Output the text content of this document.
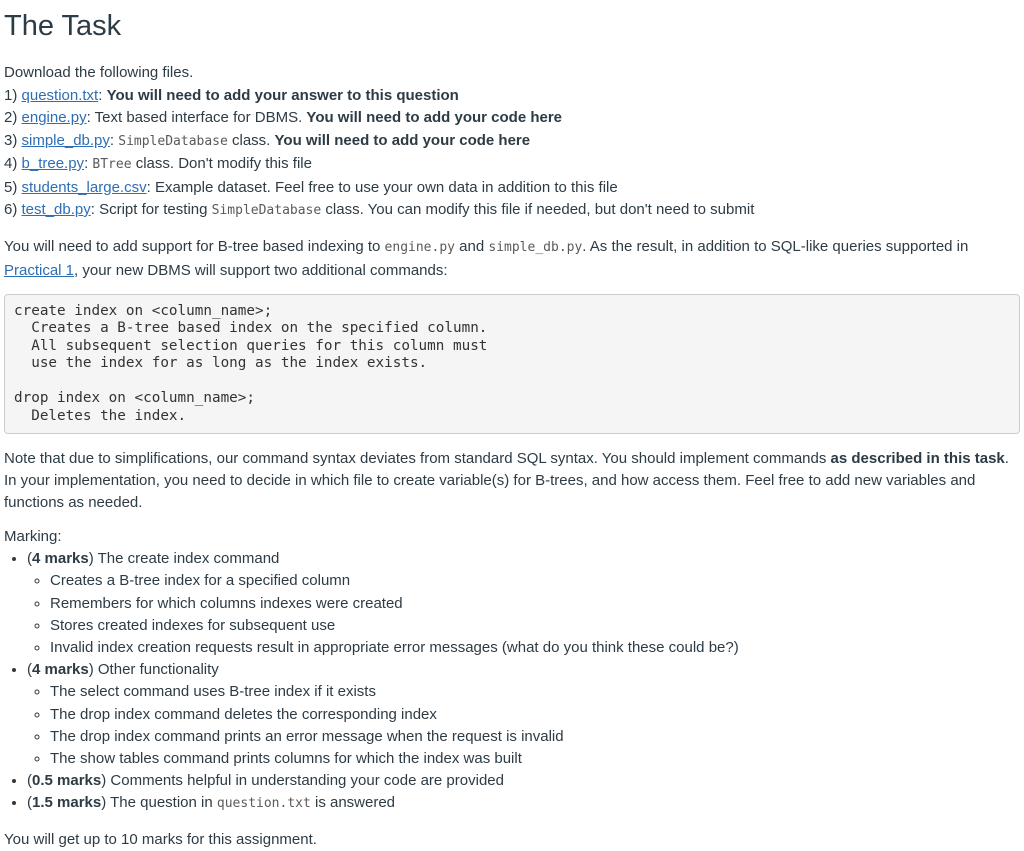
The Task

Download the following files.

1) question.txt: You will need to add your answer to this question

2) engine.py: Text based interface for DBMS. You will need to add your code here

3) simple_db.py: SimpleDatabase class. You will need to add your code here

4) b_tree.py: BTree class. Don't modify this file

5) students_large.csv: Example dataset. Feel free to use your own data in addition to this file

6) test_db.py: Script for testing SimpleDatabase class. You can modify this file if needed, but don't need to submit

You will need to add support for B-tree based indexing to engine.py and simple_db.py. As the result, in addition to SQL-like queries supported in Practical 1, your new DBMS will support two additional commands:
create index on <column_name>;
Creates a B-tree based index on the specified column.
All subsequent selection queries for this column must
use the index for as long as the index exists.

drop index on <column_name>;
Deletes the index.
Note that due to simplifications, our command syntax deviates from standard SQL syntax. You should implement commands as described in this task. In your implementation, you need to decide in which file to create variable(s) for B-trees, and how access them. Feel free to add new variables and functions as needed.
Marking:
• (4 marks) The create index command
◦ Creates a B-tree index for a specified column
◦ Remembers for which columns indexes were created
◦ Stores created indexes for subsequent use
◦ Invalid index creation requests result in appropriate error messages (what do you think these could be?)
• (4 marks) Other functionality
◦ The select command uses B-tree index if it exists
◦ The drop index command deletes the corresponding index
◦ The drop index command prints an error message when the request is invalid
◦ The show tables command prints columns for which the index was built
• (0.5 marks) Comments helpful in understanding your code are provided
• (1.5 marks) The question in question.txt is answered
You will get up to 10 marks for this assignment.
